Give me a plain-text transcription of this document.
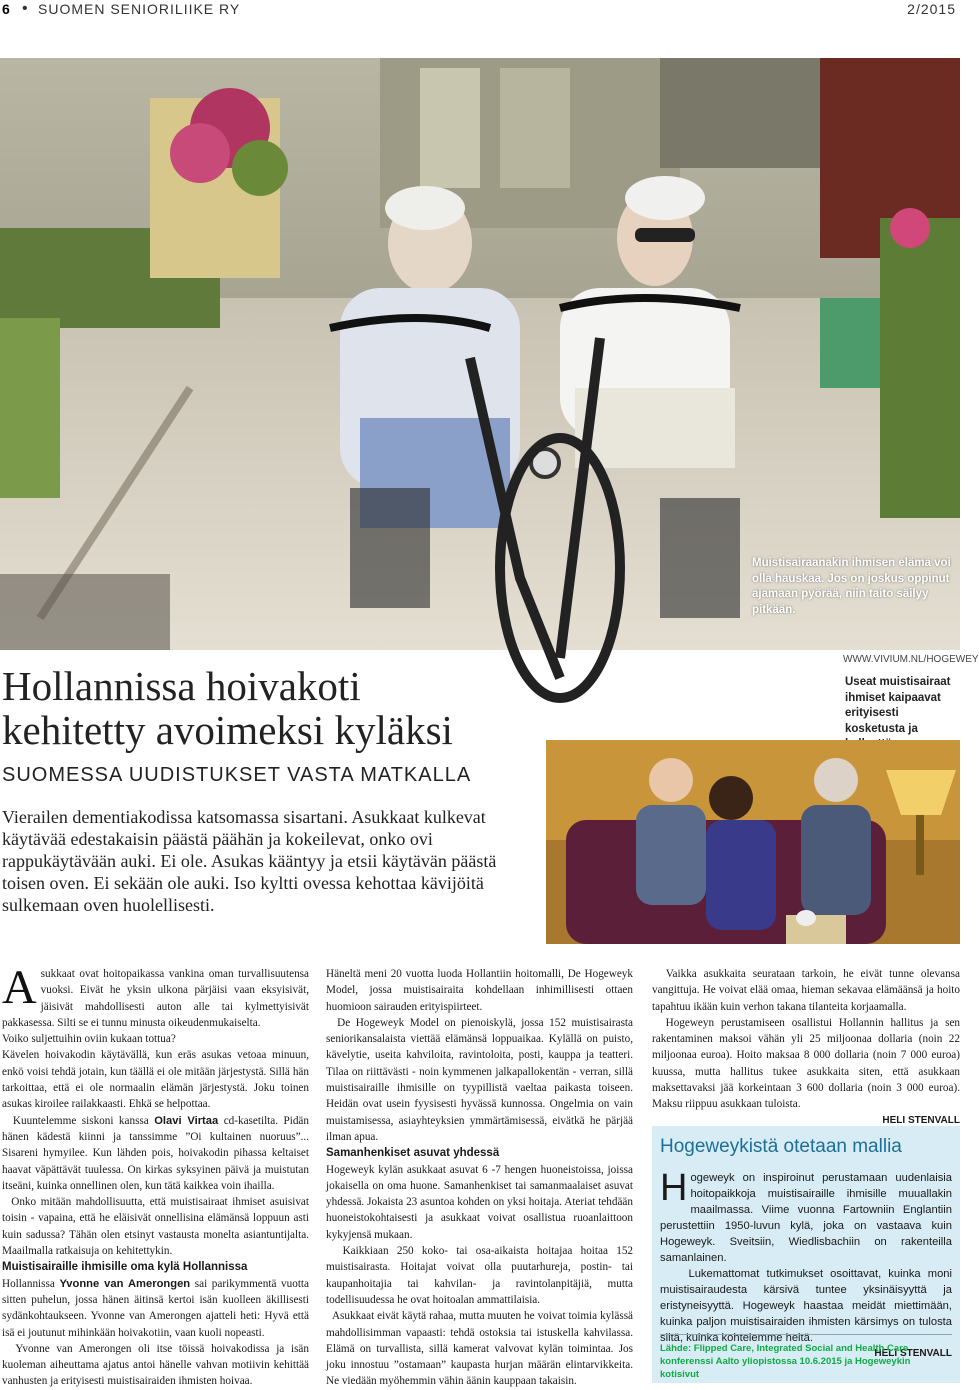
6 • SUOMEN SENIORILIIKE RY	2/2015
Muistisairaanakin ihmisen elämä voi olla hauskaa. Jos on joskus oppinut ajamaan pyörää, niin taito säilyy pitkään.
WWW.VIVIUM.NL/HOGEWEY
Hollannissa hoivakoti
kehitetty avoimeksi kyläksi
SUOMESSA UUDISTUKSET VASTA MATKALLA
Vierailen dementiakodissa katsomassa sisartani. Asukkaat kulkevat käytävää edestakaisin päästä päähän ja kokeilevat, onko ovi rappukäytävään auki. Ei ole. Asukas kääntyy ja etsii käytävän päästä toisen oven. Ei sekään ole auki. Iso kyltti ovessa kehottaa kävijöitä sulkemaan oven huolellisesti.
Useat muistisairaat ihmiset kaipaavat erityisesti kosketusta ja

Asukkaat ovat hoitopaikassa vankina oman turvallisuutensa vuoksi. Eivät he yksin ulkona pärjäisi vaan eksyisivät, jäisivät mahdollisesti auton alle tai kylmettyisivät pakkasessa. Silti se ei tunnu minusta oikeudenmukaiselta.

Voiko suljettuihin oviin kukaan tottua?

Kävelen hoivakodin käytävällä, kun eräs asukas vetoaa minuun, enkö voisi tehdä jotain, kun täällä ei ole mitään järjestystä. Sillä hän tarkoittaa, että ei ole normaalin elämän järjestystä. Joku toinen asukas kiroilee railakkaasti. Ehkä se helpottaa.

Kuuntelemme siskoni kanssa Olavi Virtaa cd-kasetilta. Pidän hänen kädestä kiinni ja tanssimme ”Oi kultainen nuoruus”... Sisareni hymyilee. Kun lähden pois, hoivakodin pihassa keltaiset haavat väpättävät tuulessa. On kirkas syksyinen päivä ja muistutan itseäni, kuinka onnellinen olen, kun tätä kaikkea voin ihailla.

Onko mitään mahdollisuutta, että muistisairaat ihmiset asuisivat toisin - vapaina, että he eläisivät onnellisina elämänsä loppuun asti kuin sadussa? Tähän olen etsinyt vastausta monelta asiantuntijalta. Maailmalla ratkaisuja on kehitettykin.

Muistisairaille ihmisille oma kylä Hollannissa

Hollannissa Yvonne van Amerongen sai parikymmentä vuotta sitten puhelun, jossa hänen äitinsä kertoi isän kuolleen äkillisesti sydänkohtaukseen. Yvonne van Amerongen ajatteli heti: Hyvä että isä ei joutunut mihinkään hoivakotiin, vaan kuoli nopeasti.

Yvonne van Amerongen oli itse töissä hoivakodissa ja isän kuoleman aiheuttama ajatus antoi hänelle vahvan motiivin kehittää vanhusten ja erityisesti muistisairaiden ihmisten hoivaa.

Häneltä meni 20 vuotta luoda Hollantiin hoitomalli, De Hogeweyk Model, jossa muistisairaita kohdellaan inhimillisesti ottaen huomioon sairauden erityispiirteet.

De Hogeweyk Model on pienoiskylä, jossa 152 muistisairasta seniorikansalaista viettää elämänsä loppuaikaa. Kylällä on puisto, kävelytie, useita kahviloita, ravintoloita, posti, kauppa ja teatteri. Tilaa on riittävästi - noin kymmenen jalkapallokentän - verran, sillä muistisairaille ihmisille on tyypillistä vaeltaa paikasta toiseen. Heidän ovat usein fyysisesti hyvässä kunnossa. Ongelmia on vain muistamisessa, asiayhteyksien ymmärtämisessä, eivätkä he pärjää ilman apua.

Samanhenkiset asuvat yhdessä

Hogeweyk kylän asukkaat asuvat 6 -7 hengen huoneistoissa, joissa jokaisella on oma huone. Samanhenkiset tai samanmaalaiset asuvat yhdessä. Jokaista 23 asuntoa kohden on yksi hoitaja. Ateriat tehdään huoneistokohtaisesti ja asukkaat voivat osallistua ruoanlaittoon kykyjensä mukaan.

Kaikkiaan 250 koko- tai osa-aikaista hoitajaa hoitaa 152 muistisairasta. Hoitajat voivat olla puutarhureja, postin- tai kaupanhoitajia tai kahvilan- ja ravintolanpitäjiä, mutta todellisuudessa he ovat hoitoalan ammattilaisia.

Asukkaat eivät käytä rahaa, mutta muuten he voivat toimia kylässä mahdollisimman vapaasti: tehdä ostoksia tai istuskella kahvilassa. Elämä on turvallista, sillä kamerat valvovat kylän toimintaa. Jos joku innostuu ”ostamaan” kaupasta hurjan määrän elintarvikkeita. Ne viedään myöhemmin vähin äänin kauppaan takaisin.

Vaikka asukkaita seurataan tarkoin, he eivät tunne olevansa vangittuja. He voivat elää omaa, hieman sekavaa elämäänsä ja hoito tapahtuu ikään kuin verhon takana tilanteita korjaamalla.

Hogeweyn perustamiseen osallistui Hollannin hallitus ja sen rakentaminen maksoi vähän yli 25 miljoonaa dollaria (noin 22 miljoonaa euroa). Hoito maksaa 8 000 dollaria (noin 7 000 euroa) kuussa, mutta hallitus tukee asukkaita siten, että asukkaan maksettavaksi jää korkeintaan 3 600 dollaria (noin 3 000 euroa). Maksu riippuu asukkaan tuloista.

HELI STENVALL

Hogeweykistä otetaan mallia

Hogeweyk on inspiroinut perustamaan uudenlaisia hoitopaikkoja muistisairaille ihmisille muuallakin maailmassa. Viime vuonna Fartowniin Englantiin perustettiin 1950-luvun kylä, joka on vastaava kuin Hogeweyk. Sveitsiin, Wiedlisbachiin on rakenteilla samanlainen.

Lukemattomat tutkimukset osoittavat, kuinka moni muistisairaudesta kärsivä tuntee yksinäisyyttä ja eristyneisyyttä. Hogeweyk haastaa meidät miettimään, kuinka paljon muistisairaiden ihmisten kärsimys on tulosta siitä, kuinka kohtelemme heitä.

HELI STENVALL

Lähde: Flipped Care, Integrated Social and Health Care konferenssi Aalto yliopistossa 10.6.2015 ja Hogeweykin kotisivut
